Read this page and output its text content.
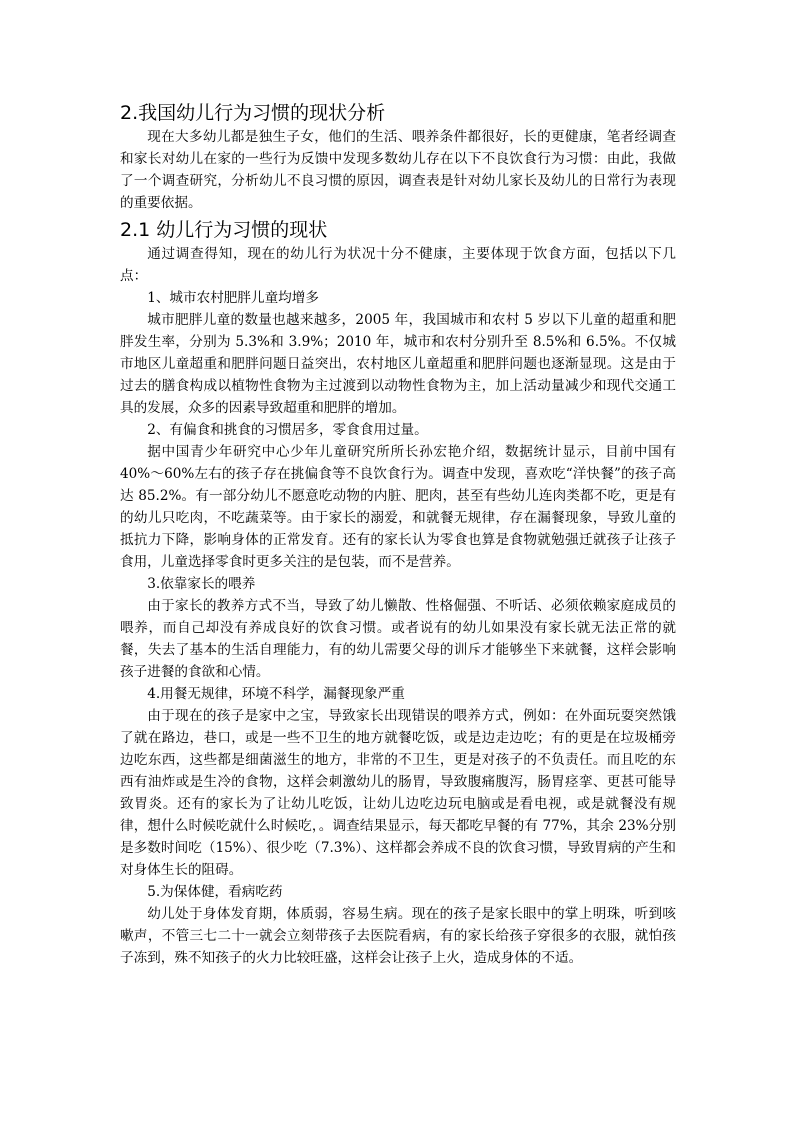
2.我国幼儿行为习惯的现状分析

现在大多幼儿都是独生子女，他们的生活、喂养条件都很好，长的更健康，笔者经调查和家长对幼儿在家的一些行为反馈中发现多数幼儿存在以下不良饮食行为习惯：由此，我做了一个调查研究，分析幼儿不良习惯的原因，调查表是针对幼儿家长及幼儿的日常行为表现的重要依据。

2.1 幼儿行为习惯的现状

通过调查得知，现在的幼儿行为状况十分不健康，主要体现于饮食方面，包括以下几点：

1、城市农村肥胖儿童均增多

城市肥胖儿童的数量也越来越多，2005 年，我国城市和农村 5 岁以下儿童的超重和肥胖发生率，分别为 5.3%和 3.9%；2010 年，城市和农村分别升至 8.5%和 6.5%。不仅城市地区儿童超重和肥胖问题日益突出，农村地区儿童超重和肥胖问题也逐渐显现。这是由于过去的膳食构成以植物性食物为主过渡到以动物性食物为主，加上活动量减少和现代交通工具的发展，众多的因素导致超重和肥胖的增加。

2、有偏食和挑食的习惯居多，零食食用过量。

据中国青少年研究中心少年儿童研究所所长孙宏艳介绍，数据统计显示，目前中国有 40%～60%左右的孩子存在挑偏食等不良饮食行为。调查中发现，喜欢吃“洋快餐”的孩子高达 85.2%。有一部分幼儿不愿意吃动物的内脏、肥肉，甚至有些幼儿连肉类都不吃，更是有的幼儿只吃肉，不吃蔬菜等。由于家长的溺爱，和就餐无规律，存在漏餐现象，导致儿童的抵抗力下降，影响身体的正常发育。还有的家长认为零食也算是食物就勉强迁就孩子让孩子食用，儿童选择零食时更多关注的是包装，而不是营养。

3.依靠家长的喂养

由于家长的教养方式不当，导致了幼儿懒散、性格倔强、不听话、必须依赖家庭成员的喂养，而自己却没有养成良好的饮食习惯。或者说有的幼儿如果没有家长就无法正常的就餐，失去了基本的生活自理能力，有的幼儿需要父母的训斥才能够坐下来就餐，这样会影响孩子进餐的食欲和心情。

4.用餐无规律，环境不科学，漏餐现象严重

由于现在的孩子是家中之宝，导致家长出现错误的喂养方式，例如：在外面玩耍突然饿了就在路边，巷口，或是一些不卫生的地方就餐吃饭，或是边走边吃；有的更是在垃圾桶旁边吃东西，这些都是细菌滋生的地方，非常的不卫生，更是对孩子的不负责任。而且吃的东西有油炸或是生冷的食物，这样会刺激幼儿的肠胃，导致腹痛腹泻，肠胃痉挛、更甚可能导致胃炎。还有的家长为了让幼儿吃饭，让幼儿边吃边玩电脑或是看电视，或是就餐没有规律，想什么时候吃就什么时候吃，。调查结果显示，每天都吃早餐的有 77%，其余 23%分别是多数时间吃（15%）、很少吃（7.3%）、这样都会养成不良的饮食习惯，导致胃病的产生和对身体生长的阻碍。

5.为保体健，看病吃药

幼儿处于身体发育期，体质弱，容易生病。现在的孩子是家长眼中的掌上明珠，听到咳嗽声，不管三七二十一就会立刻带孩子去医院看病，有的家长给孩子穿很多的衣服，就怕孩子冻到，殊不知孩子的火力比较旺盛，这样会让孩子上火，造成身体的不适。
